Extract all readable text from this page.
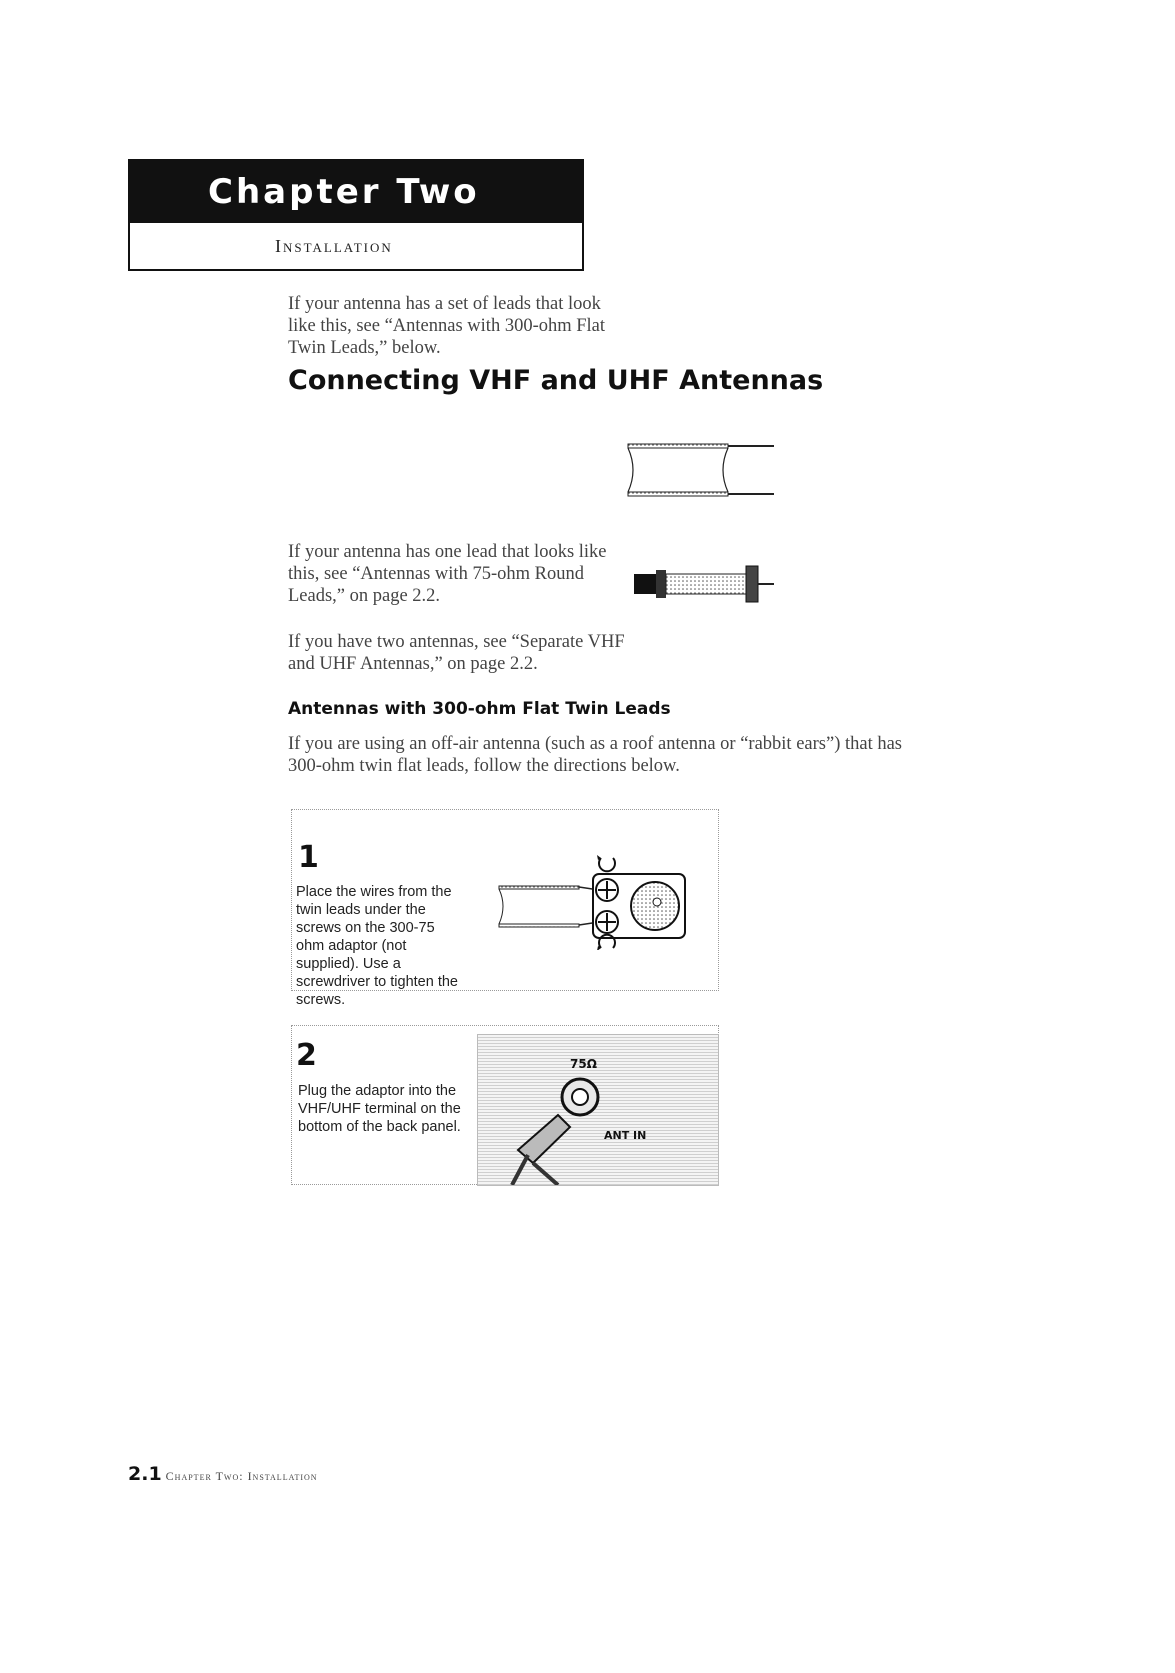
Chapter Two
Installation
Connecting VHF and UHF Antennas

If your antenna has a set of leads that look like this, see “Antennas with 300-ohm Flat Twin Leads,” below.

If your antenna has one lead that looks like this, see “Antennas with 75-ohm Round Leads,” on page 2.2.

If you have two antennas, see “Separate VHF and UHF Antennas,” on page 2.2.

Antennas with 300-ohm Flat Twin Leads

If you are using an off-air antenna (such as a roof antenna or “rabbit ears”) that has 300-ohm twin flat leads, follow the directions below.

1

Place the wires from the twin leads under the screws on the 300-75 ohm adaptor (not supplied). Use a screwdriver to tighten the screws.

2

Plug the adaptor into the VHF/UHF terminal on the bottom of the back panel.

75Ω
ANT IN
2.1 Chapter Two: Installation
